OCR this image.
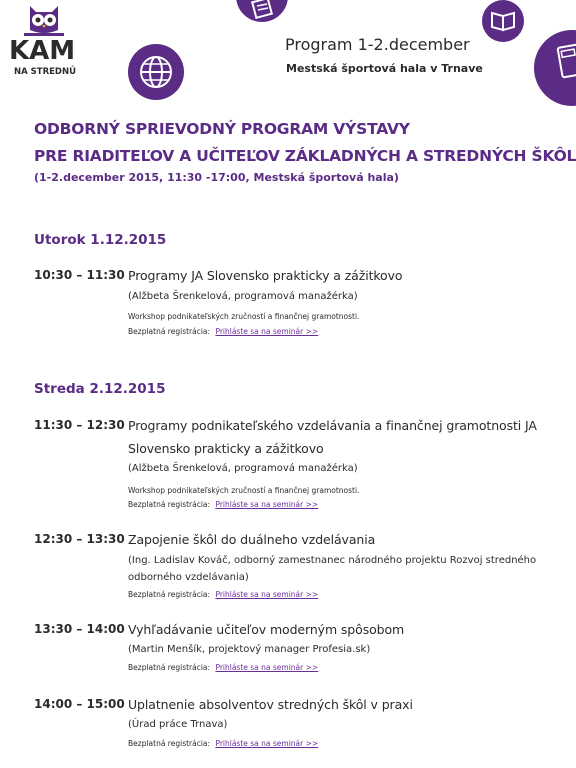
KAM
NA STREDNÚ
Program 1-2.december
Mestská športová hala v Trnave
ODBORNÝ SPRIEVODNÝ PROGRAM VÝSTAVY
PRE RIADITEĽOV A UČITEĽOV ZÁKLADNÝCH A STREDNÝCH ŠKÔL
(1-2.december 2015, 11:30 -17:00, Mestská športová hala)
Utorok 1.12.2015
10:30 – 11:30 Programy JA Slovensko prakticky a zážitkovo
(Alžbeta Šrenkelová, programová manažérka)
Workshop podnikateľských zručností a finančnej gramotnosti.
Bezplatná registrácia: Prihláste sa na seminár >>
Streda 2.12.2015
11:30 – 12:30 Programy podnikateľského vzdelávania a finančnej gramotnosti JA
Slovensko prakticky a zážitkovo
(Alžbeta Šrenkelová, programová manažérka)
Workshop podnikateľských zručností a finančnej gramotnosti.
Bezplatná registrácia: Prihláste sa na seminár >>
12:30 – 13:30 Zapojenie škôl do duálneho vzdelávania
(Ing. Ladislav Kováč, odborný zamestnanec národného projektu Rozvoj stredného
odborného vzdelávania)
Bezplatná registrácia: Prihláste sa na seminár >>
13:30 – 14:00 Vyhľadávanie učiteľov moderným spôsobom
(Martin Menšík, projektový manager Profesia.sk)
Bezplatná registrácia: Prihláste sa na seminár >>
14:00 – 15:00 Uplatnenie absolventov stredných škôl v praxi
(Úrad práce Trnava)
Bezplatná registrácia: Prihláste sa na seminár >>
